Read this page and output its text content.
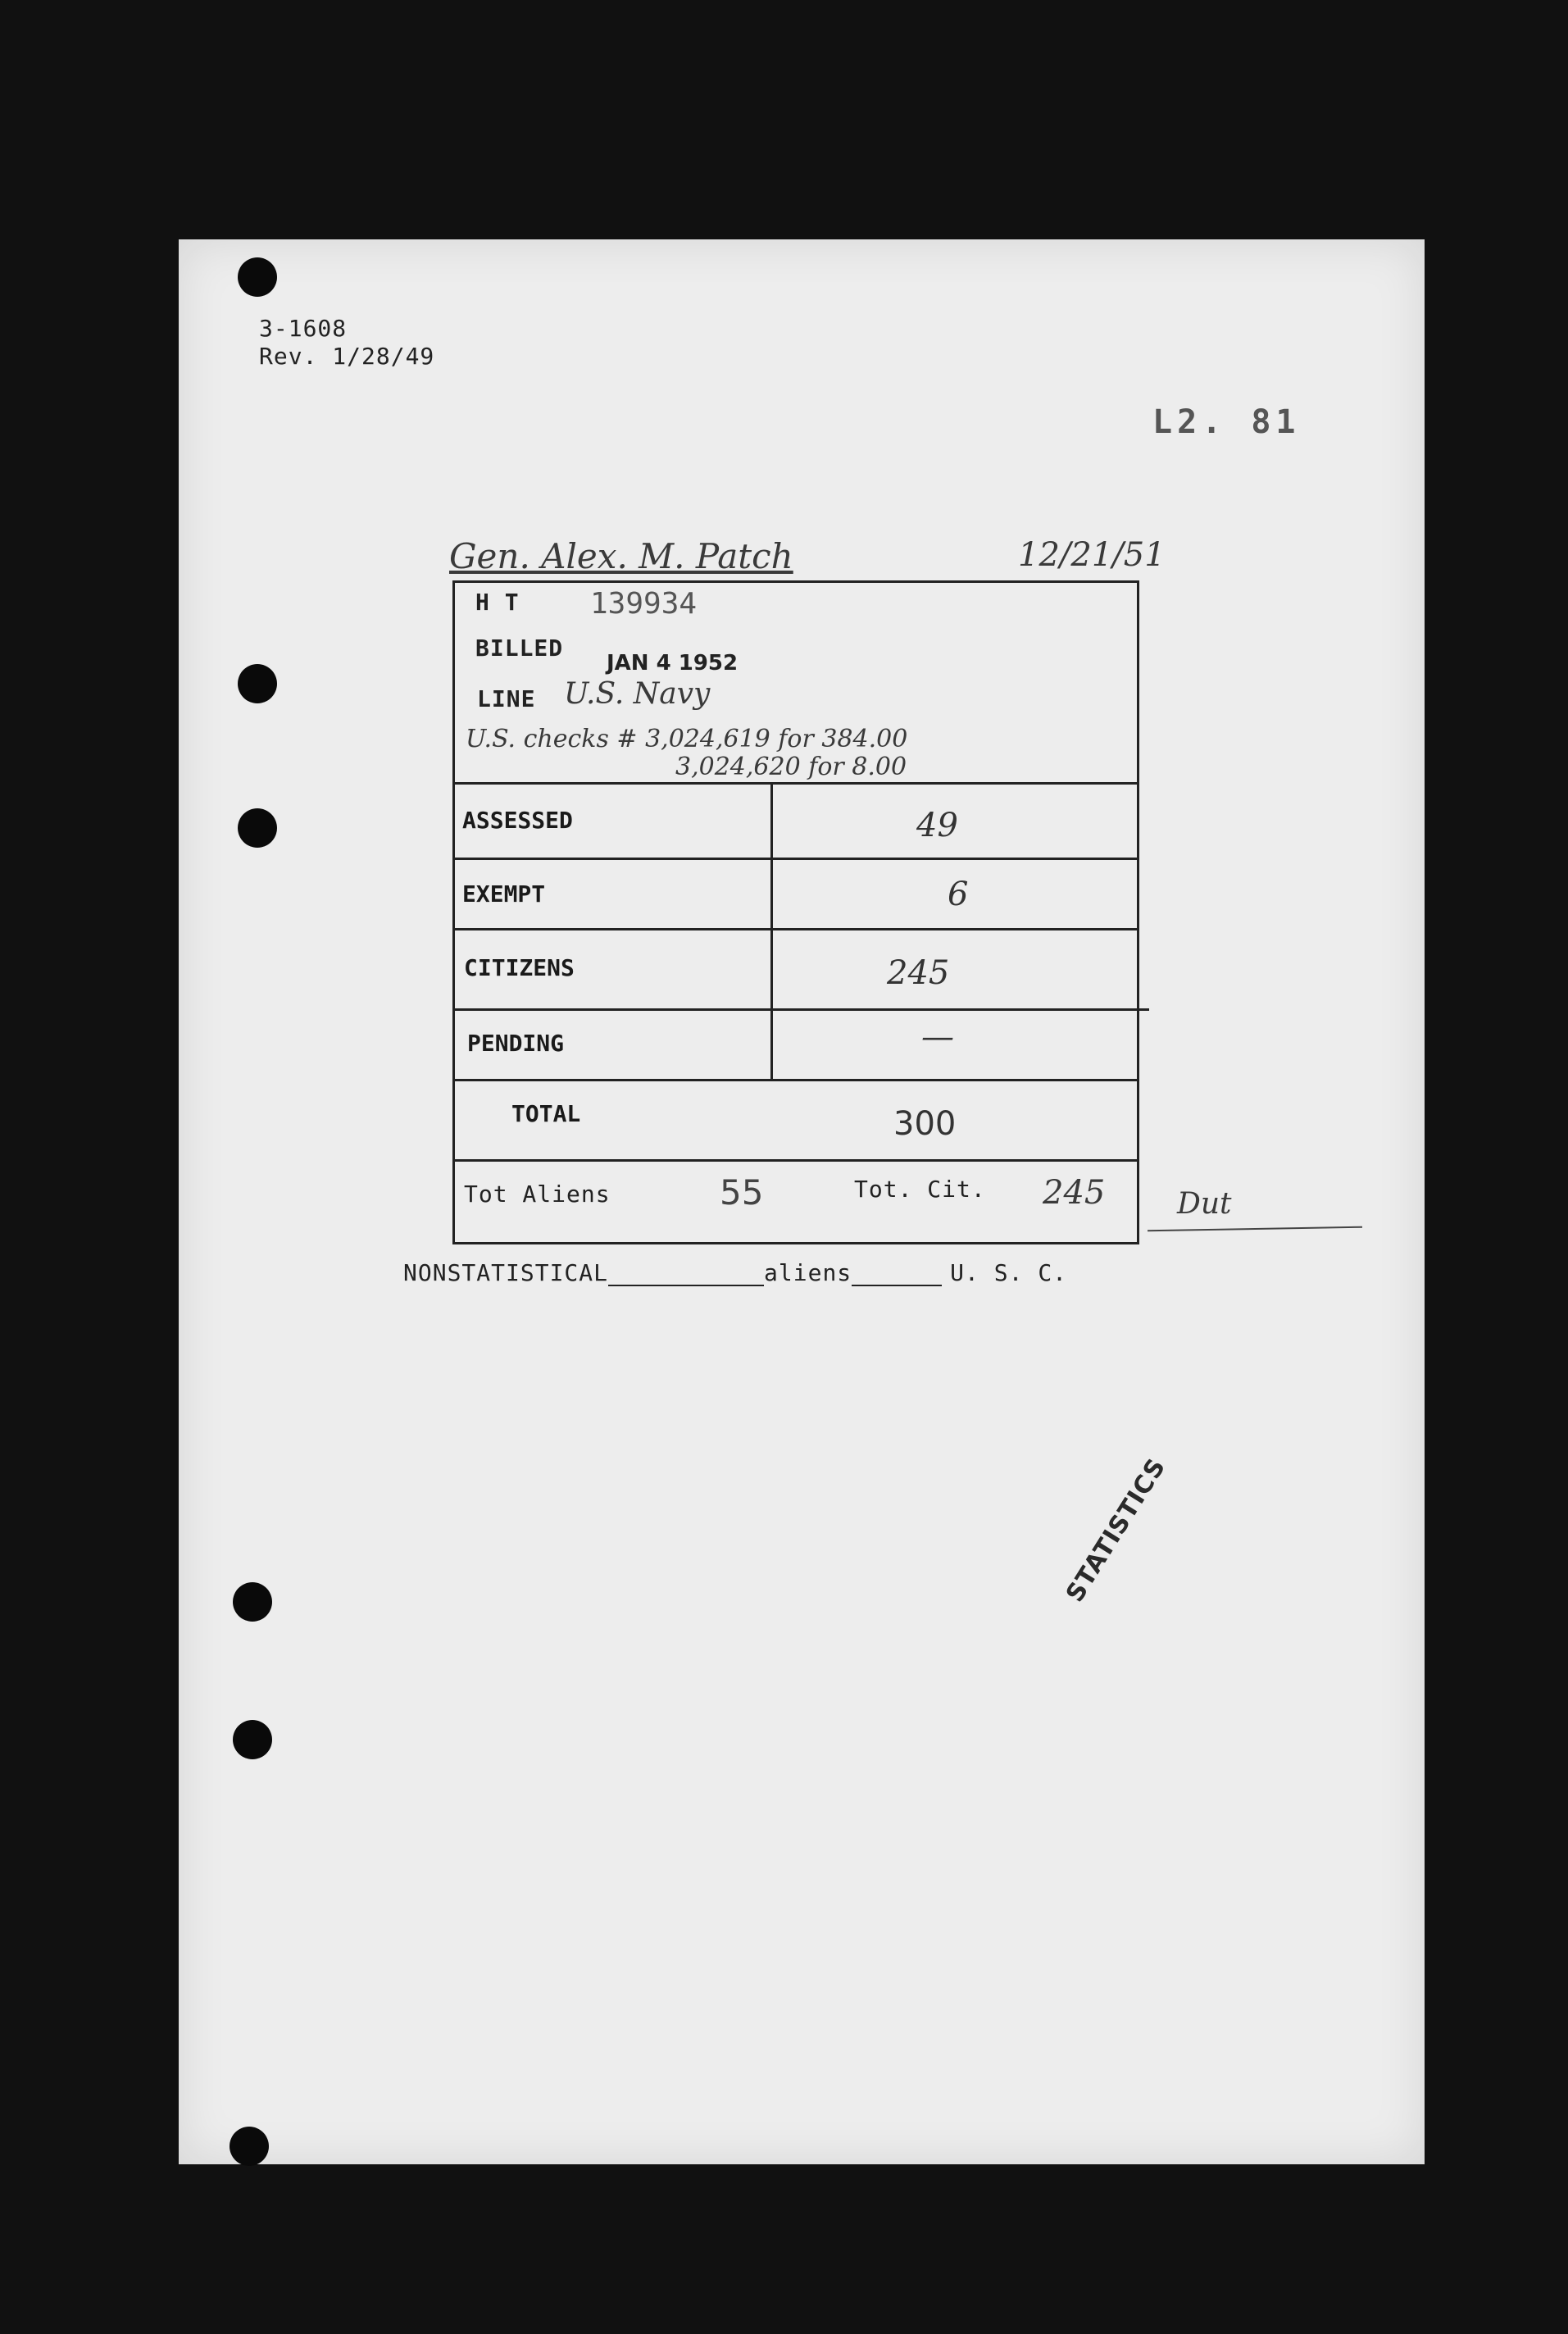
3-1608
Rev. 1/28/49
L2. 81
Gen. Alex. M. Patch	12/21/51
H T 139934
BILLED
JAN 4 1952
LINE U.S. Navy
U.S. checks # 3,024,619 for 384.00
3,024,620 for 8.00
ASSESSED	49
EXEMPT	6
CITIZENS	245
PENDING	—
TOTAL	300
Tot Aliens	55	Tot. Cit. 245 Dut
NONSTATISTICAL	aliens	U. S. C.
STATISTICS
